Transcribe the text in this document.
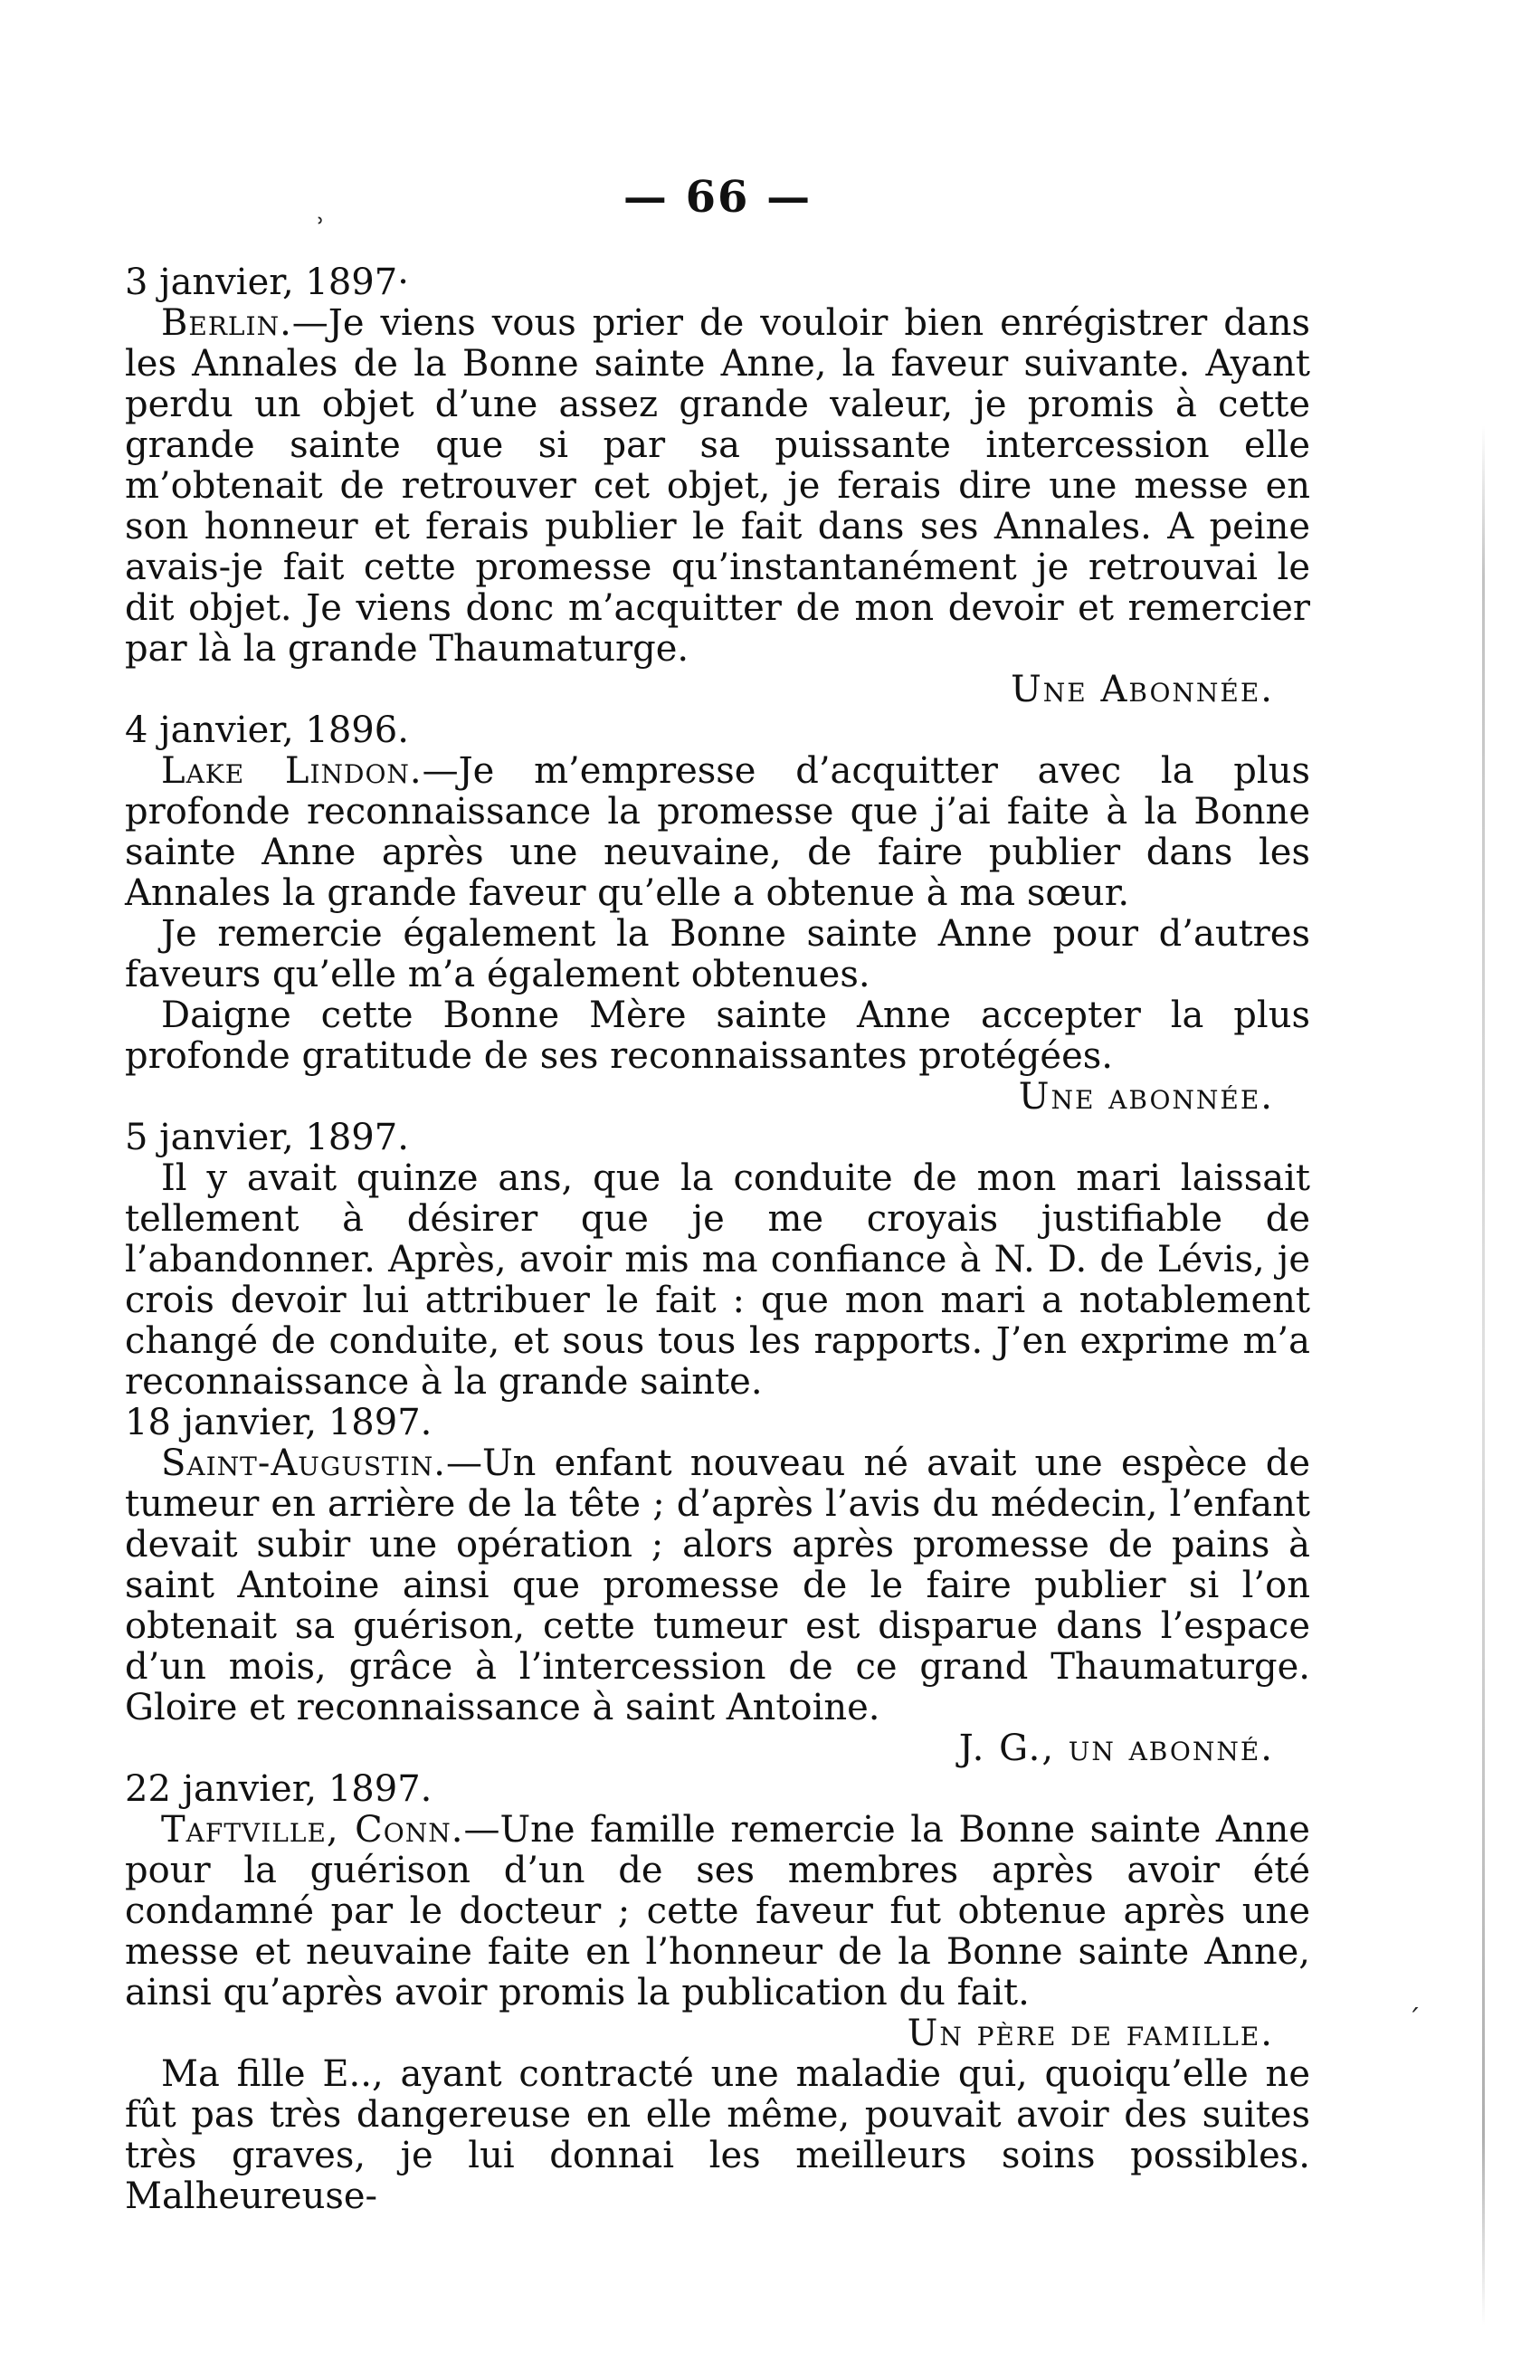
˒
´
— 66 —

3 janvier, 1897·

Berlin.—Je viens vous prier de vouloir bien enrégistrer dans les Annales de la Bonne sainte Anne, la faveur suivante. Ayant perdu un objet d’une assez grande valeur, je promis à cette grande sainte que si par sa puissante intercession elle m’obtenait de retrouver cet objet, je ferais dire une messe en son honneur et ferais publier le fait dans ses Annales. A peine avais-je fait cette promesse qu’instantanément je retrouvai le dit objet. Je viens donc m’acquitter de mon devoir et remercier par là la grande Thaumaturge.

Une Abonnée.

4 janvier, 1896.

Lake Lindon.—Je m’empresse d’acquitter avec la plus profonde reconnaissance la promesse que j’ai faite à la Bonne sainte Anne après une neuvaine, de faire publier dans les Annales la grande faveur qu’elle a obtenue à ma sœur.

Je remercie également la Bonne sainte Anne pour d’autres faveurs qu’elle m’a également obtenues.

Daigne cette Bonne Mère sainte Anne accepter la plus profonde gratitude de ses reconnaissantes protégées.

Une abonnée.

5 janvier, 1897.

Il y avait quinze ans, que la conduite de mon mari laissait tellement à désirer que je me croyais justifiable de l’abandonner. Après, avoir mis ma confiance à N. D. de Lévis, je crois devoir lui attribuer le fait : que mon mari a notablement changé de conduite, et sous tous les rapports. J’en exprime m’a reconnaissance à la grande sainte.

18 janvier, 1897.

Saint-Augustin.—Un enfant nouveau né avait une espèce de tumeur en arrière de la tête ; d’après l’avis du médecin, l’enfant devait subir une opération ; alors après promesse de pains à saint Antoine ainsi que promesse de le faire publier si l’on obtenait sa guérison, cette tumeur est disparue dans l’espace d’un mois, grâce à l’intercession de ce grand Thaumaturge. Gloire et reconnaissance à saint Antoine.

J. G., un abonné.

22 janvier, 1897.

Taftville, Conn.—Une famille remercie la Bonne sainte Anne pour la guérison d’un de ses membres après avoir été condamné par le docteur ; cette faveur fut obtenue après une messe et neuvaine faite en l’honneur de la Bonne sainte Anne, ainsi qu’après avoir promis la publication du fait.

Un père de famille.

Ma fille E.., ayant contracté une maladie qui, quoiqu’elle ne fût pas très dangereuse en elle même, pouvait avoir des suites très graves, je lui donnai les meilleurs soins possibles. Malheureuse-
